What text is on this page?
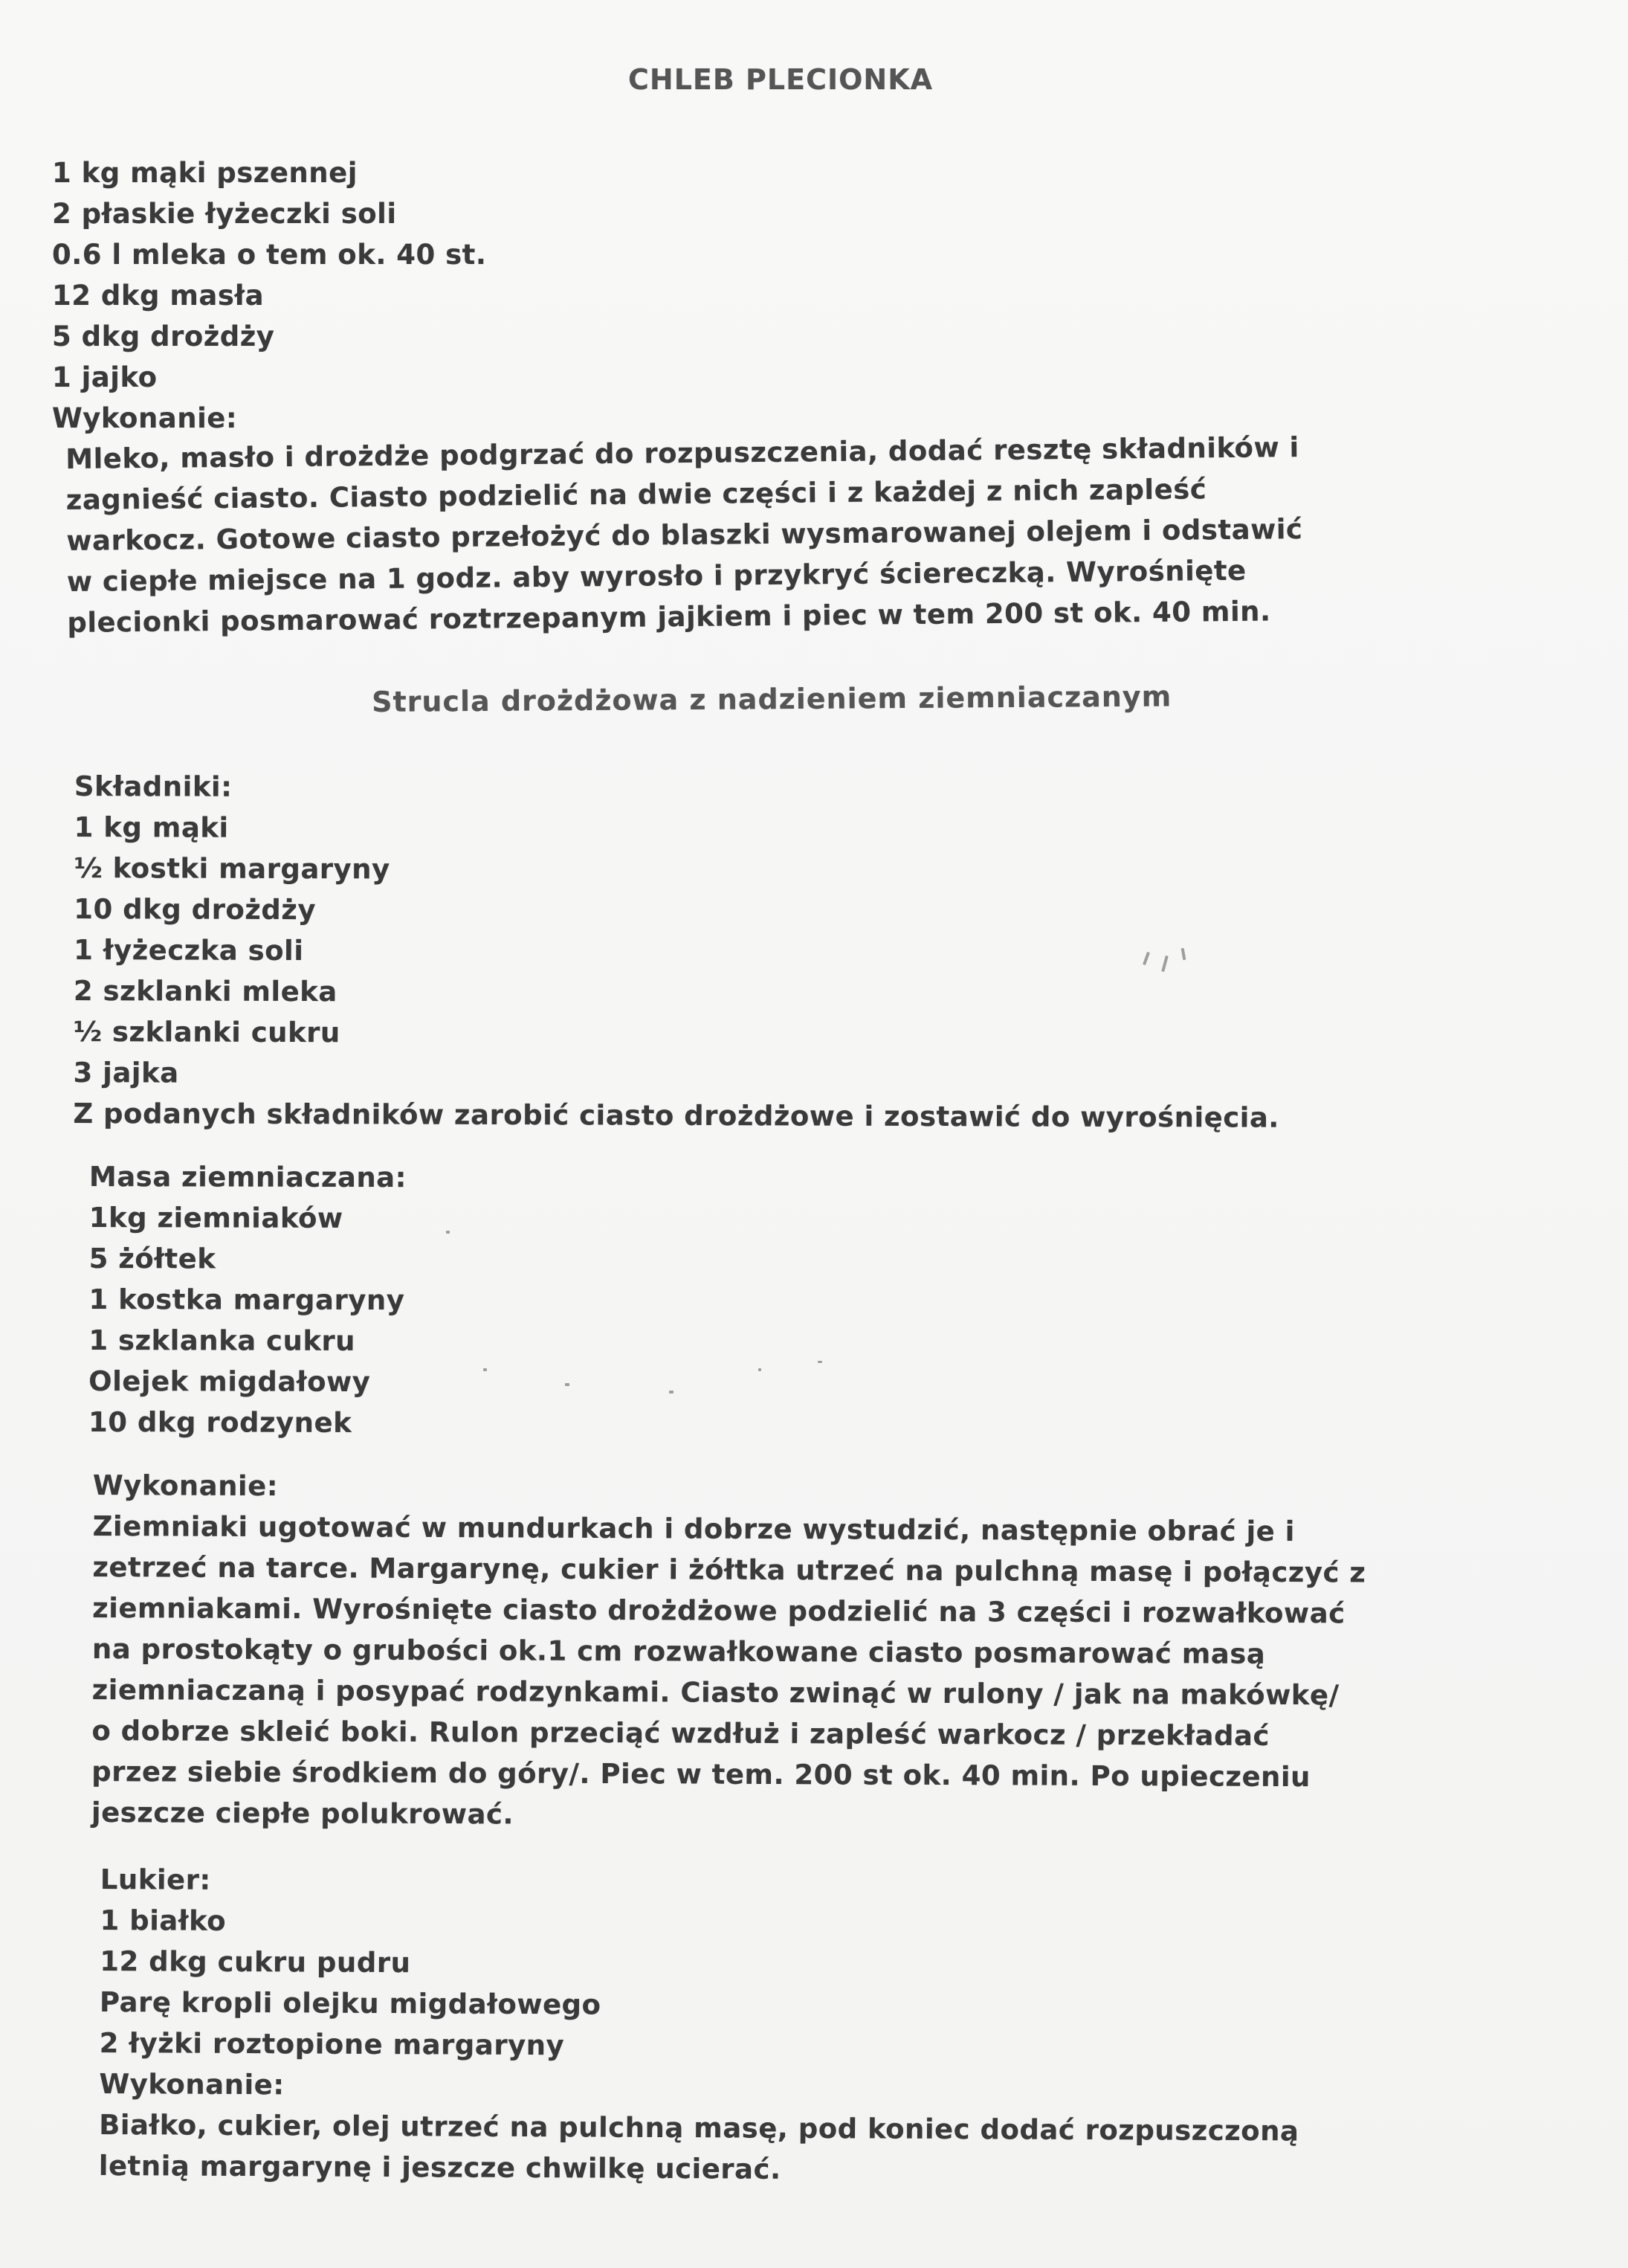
CHLEB PLECIONKA
1 kg mąki pszennej
2 płaskie łyżeczki soli
0.6 l mleka o tem ok. 40 st.
12 dkg masła
5 dkg drożdży
1 jajko
Wykonanie:
Mleko, masło i drożdże podgrzać do rozpuszczenia, dodać resztę składników i
zagnieść ciasto. Ciasto podzielić na dwie części i z każdej z nich zapleść
warkocz. Gotowe ciasto przełożyć do blaszki wysmarowanej olejem i odstawić
w ciepłe miejsce na 1 godz. aby wyrosło i przykryć ściereczką. Wyrośnięte
plecionki posmarować roztrzepanym jajkiem i piec w tem 200 st ok. 40 min.
Strucla drożdżowa z nadzieniem ziemniaczanym
Składniki:
1 kg mąki
½ kostki margaryny
10 dkg drożdży
1 łyżeczka soli
2 szklanki mleka
½ szklanki cukru
3 jajka
Z podanych składników zarobić ciasto drożdżowe i zostawić do wyrośnięcia.
Masa ziemniaczana:
1kg ziemniaków
5 żółtek
1 kostka margaryny
1 szklanka cukru
Olejek migdałowy
10 dkg rodzynek
Wykonanie:
Ziemniaki ugotować w mundurkach i dobrze wystudzić, następnie obrać je i
zetrzeć na tarce. Margarynę, cukier i żółtka utrzeć na pulchną masę i połączyć z
ziemniakami. Wyrośnięte ciasto drożdżowe podzielić na 3 części i rozwałkować
na prostokąty o grubości ok.1 cm rozwałkowane ciasto posmarować masą
ziemniaczaną i posypać rodzynkami. Ciasto zwinąć w rulony / jak na makówkę/
o dobrze skleić boki. Rulon przeciąć wzdłuż i zapleść warkocz / przekładać
przez siebie środkiem do góry/. Piec w tem. 200 st ok. 40 min. Po upieczeniu
jeszcze ciepłe polukrować.
Lukier:
1 białko
12 dkg cukru pudru
Parę kropli olejku migdałowego
2 łyżki roztopione margaryny
Wykonanie:
Białko, cukier, olej utrzeć na pulchną masę, pod koniec dodać rozpuszczoną
letnią margarynę i jeszcze chwilkę ucierać.
